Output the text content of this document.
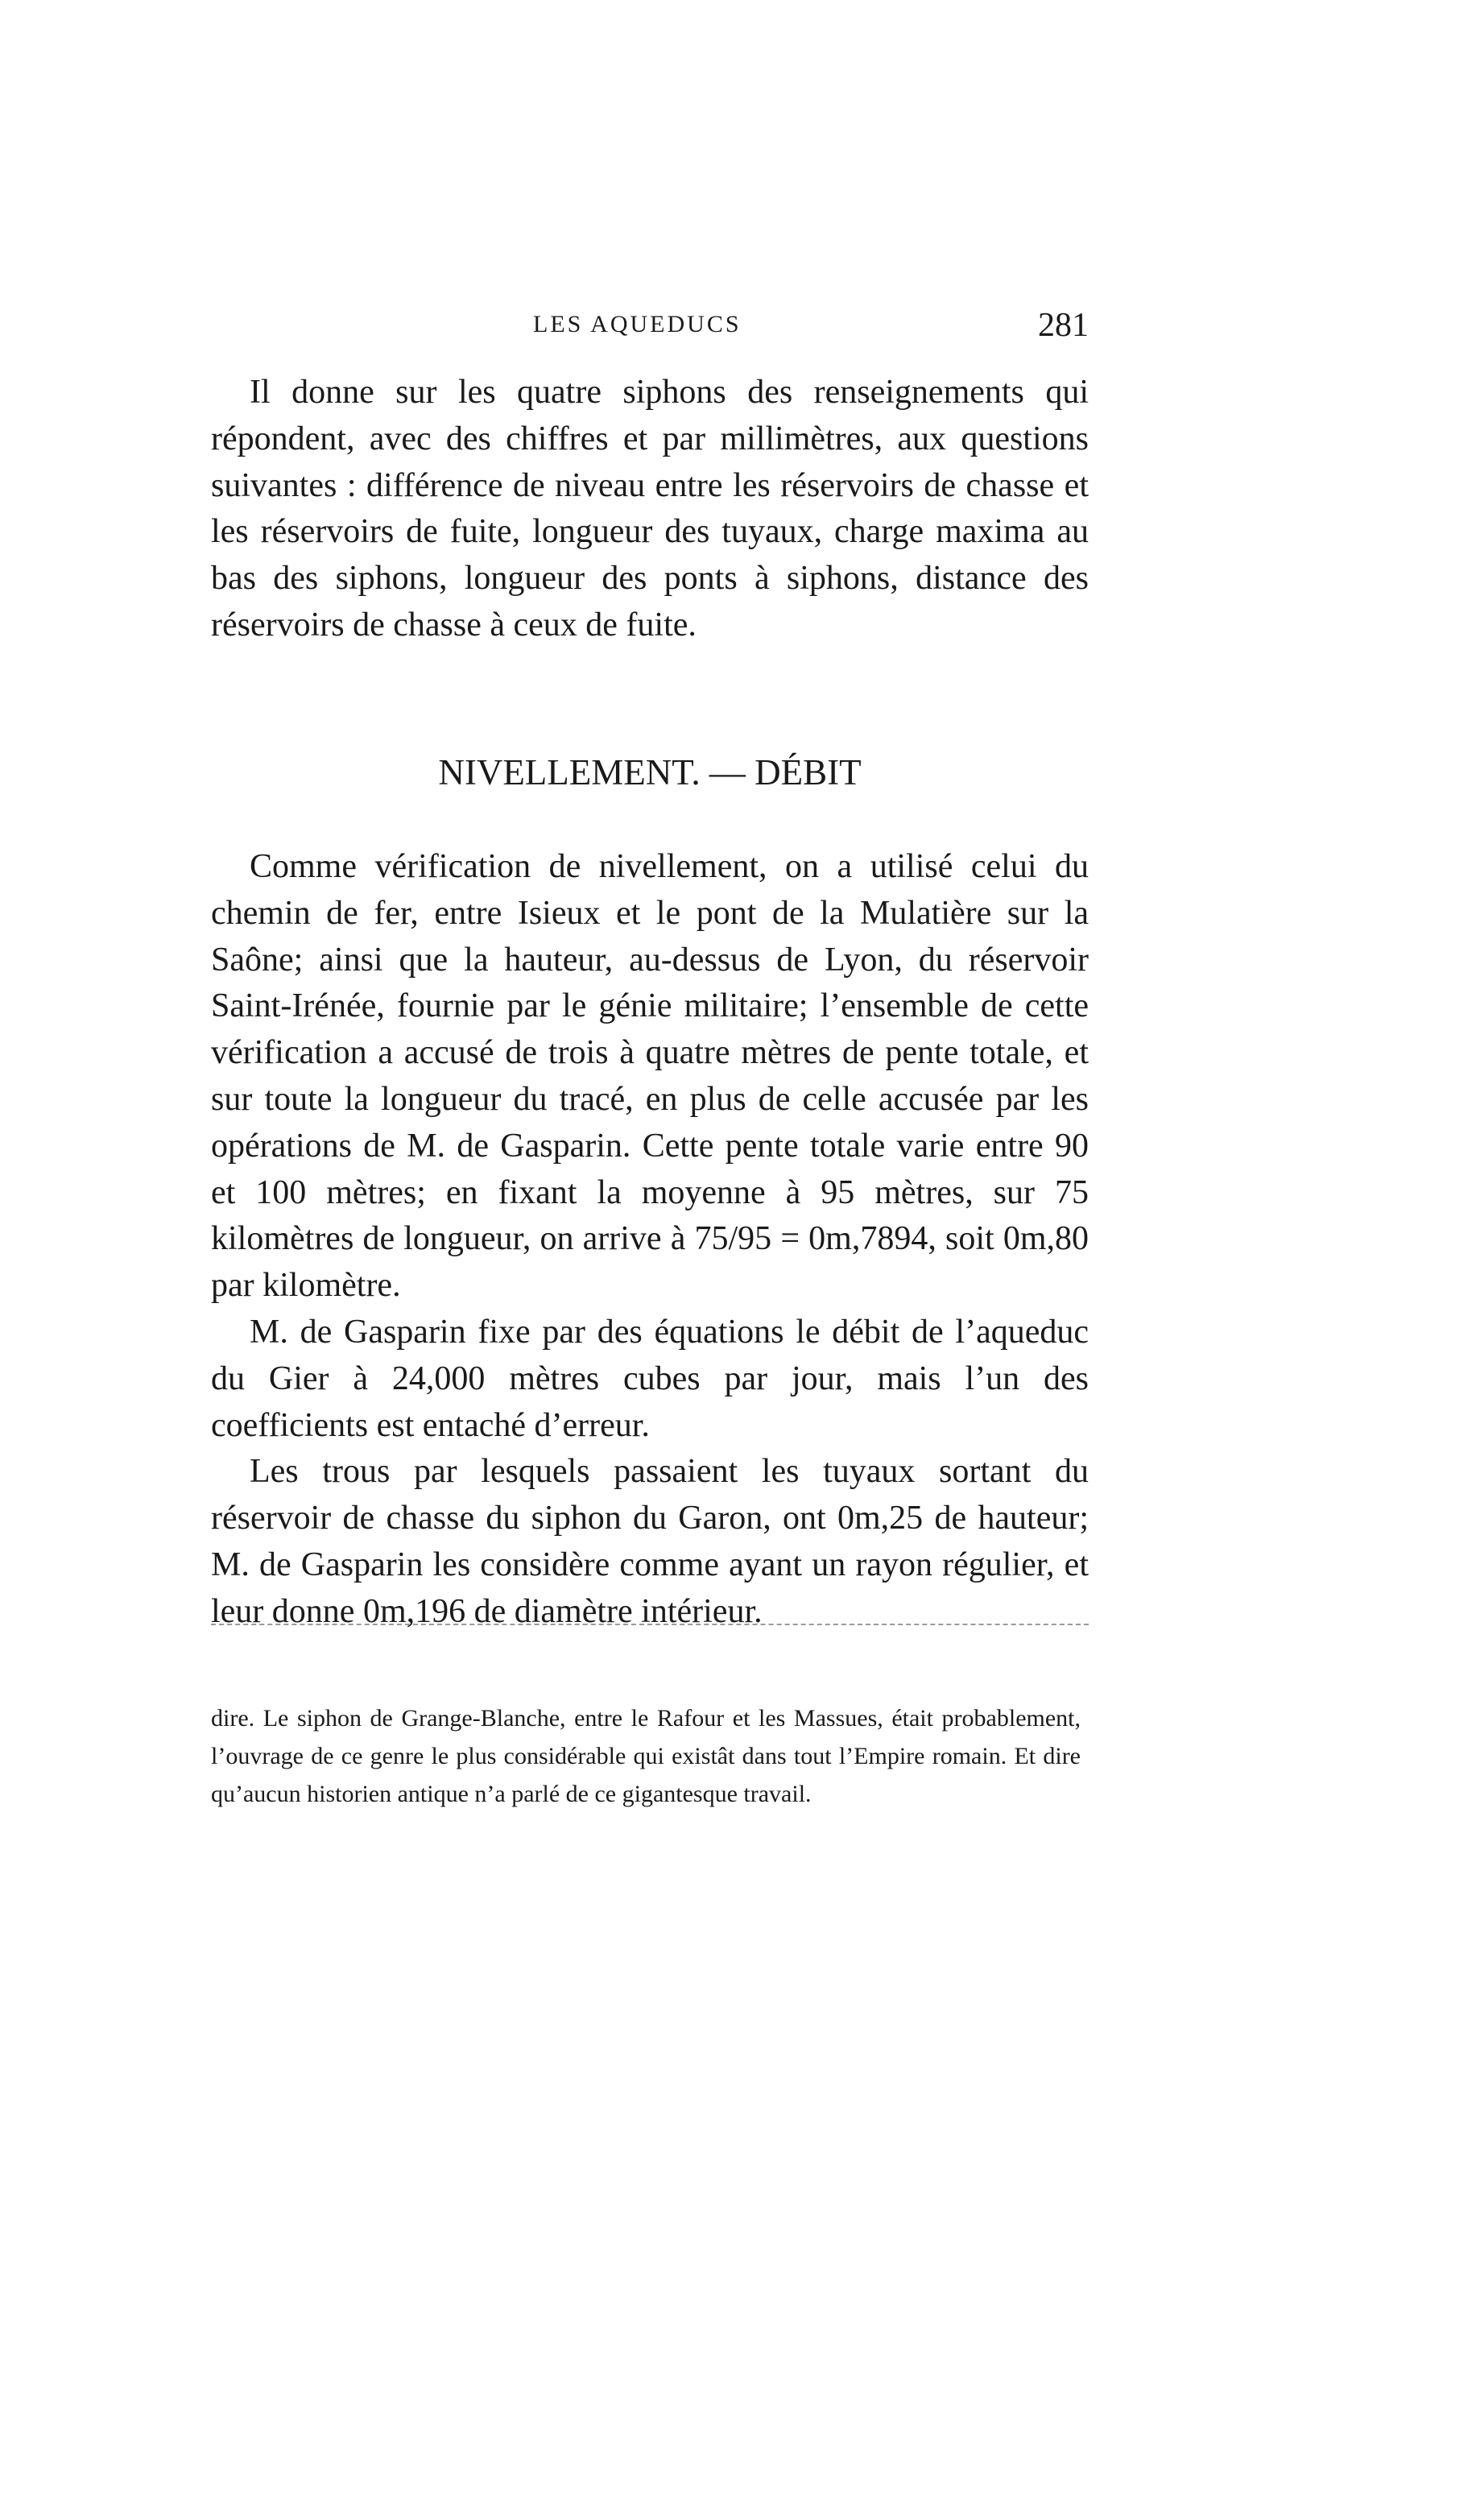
LES AQUEDUCS	281

Il donne sur les quatre siphons des renseignements qui répondent, avec des chiffres et par millimètres, aux questions suivantes : différence de niveau entre les réservoirs de chasse et les réservoirs de fuite, longueur des tuyaux, charge maxima au bas des siphons, longueur des ponts à siphons, distance des réservoirs de chasse à ceux de fuite.

NIVELLEMENT. — DÉBIT

Comme vérification de nivellement, on a utilisé celui du chemin de fer, entre Isieux et le pont de la Mulatière sur la Saône; ainsi que la hauteur, au-dessus de Lyon, du réservoir Saint-Irénée, fournie par le génie militaire; l’ensemble de cette vérification a accusé de trois à quatre mètres de pente totale, et sur toute la longueur du tracé, en plus de celle accusée par les opérations de M. de Gasparin. Cette pente totale varie entre 90 et 100 mètres; en fixant la moyenne à 95 mètres, sur 75 kilomètres de longueur, on arrive à 75/95 = 0m,7894, soit 0m,80 par kilomètre.

M. de Gasparin fixe par des équations le débit de l’aqueduc du Gier à 24,000 mètres cubes par jour, mais l’un des coefficients est entaché d’erreur.

Les trous par lesquels passaient les tuyaux sortant du réservoir de chasse du siphon du Garon, ont 0m,25 de hauteur; M. de Gasparin les considère comme ayant un rayon régulier, et leur donne 0m,196 de diamètre intérieur.

dire. Le siphon de Grange-Blanche, entre le Rafour et les Massues, était probablement, l’ouvrage de ce genre le plus considérable qui existât dans tout l’Empire romain. Et dire qu’aucun historien antique n’a parlé de ce gigantesque travail.
